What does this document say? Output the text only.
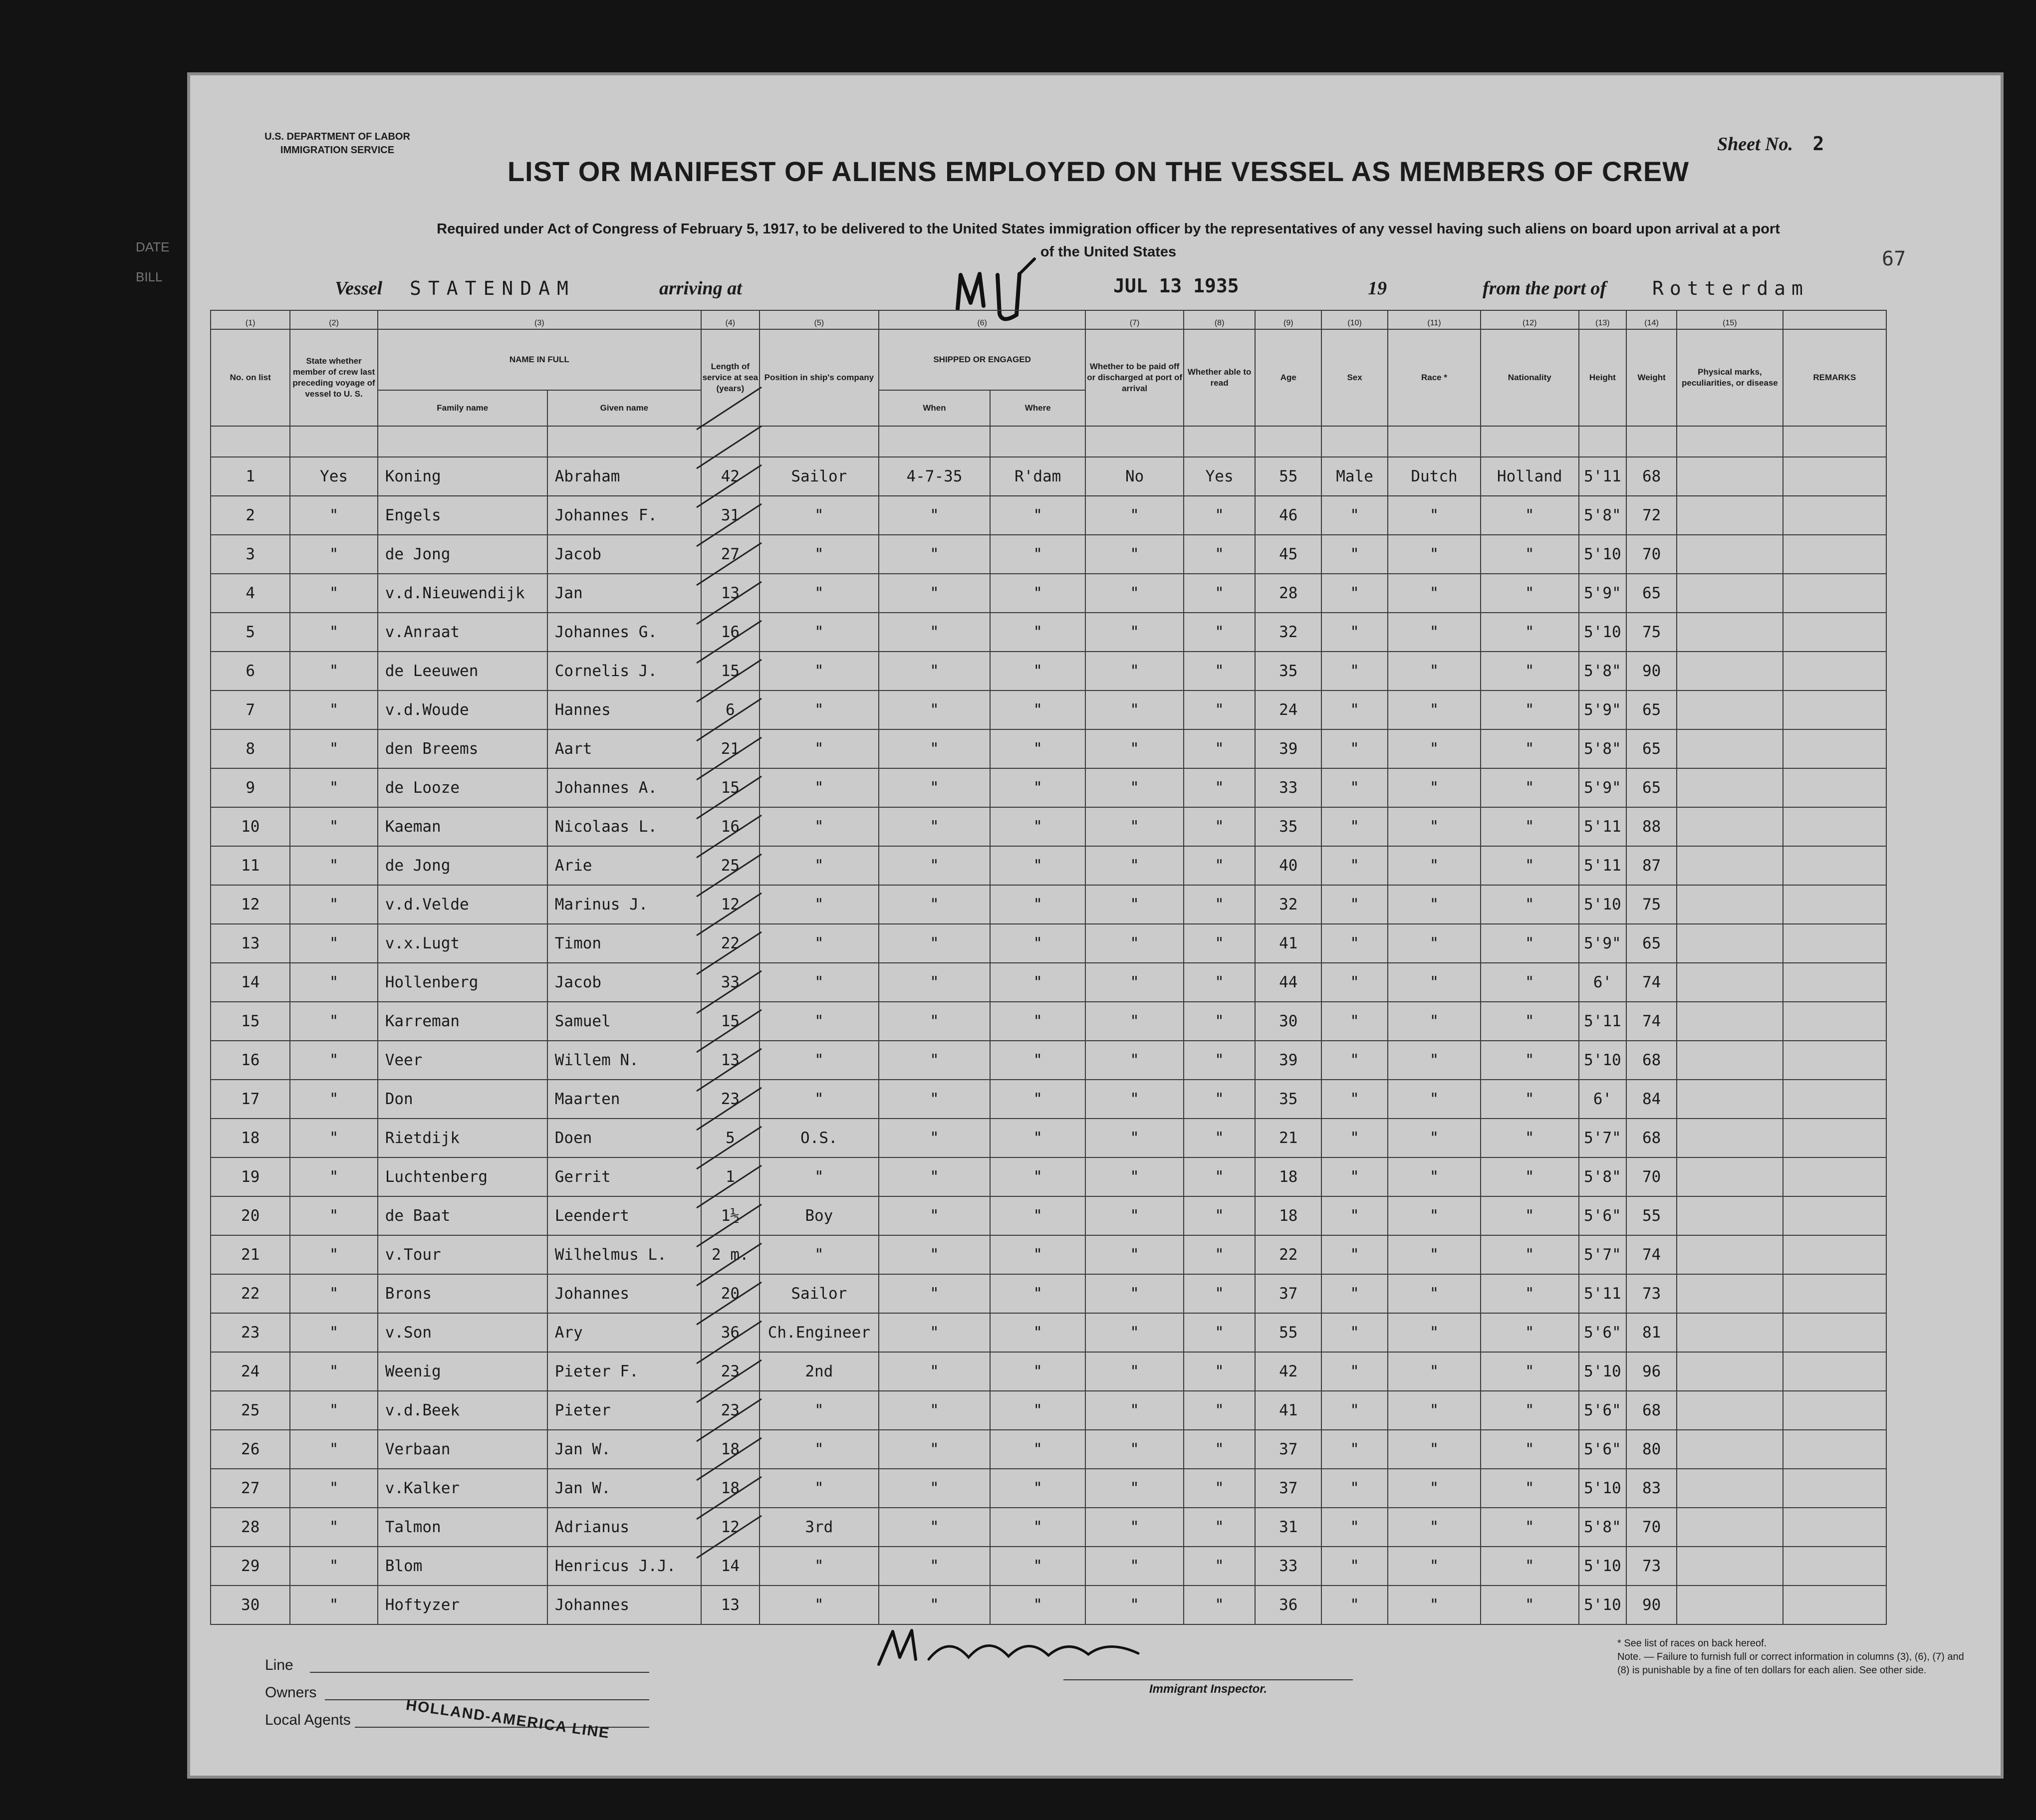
DATE
BILL
U.S. DEPARTMENT OF LABOR
IMMIGRATION SERVICE	Sheet No. 2
67
LIST OR MANIFEST OF ALIENS EMPLOYED ON THE VESSEL AS MEMBERS OF CREW
Required under Act of Congress of February 5, 1917, to be delivered to the United States immigration officer by the representatives of any vessel having such aliens on board upon arrival at a port
of the United States
Vessel STATENDAM	arriving at	JUL 13 1935	19	from the port of Rotterdam
(1)	(2)	(3)		(4)	(5)	(6)		(7)	(8)	(9)	(10)	(11)	(12)	(13)	(14)	(15)	
No. on list	State whether member of crew last preceding voyage of vessel to U. S.	NAME IN FULL		Length of service at sea (years)	Position in ship's company	SHIPPED OR ENGAGED		Whether to be paid off or discharged at port of arrival	Whether able to read	Age	Sex	Race *	Nationality	Height	Weight	Physical marks, peculiarities, or disease	REMARKS
		Family name	Given name			When	Where										

1	Yes	Koning	Abraham	42	Sailor	4-7-35	R'dam	No	Yes	55	Male	Dutch	Holland	5'11	68		
2	"	Engels	Johannes F.	31	"	"	"	"	"	46	"	"	"	5'8"	72		
3	"	de Jong	Jacob	27	"	"	"	"	"	45	"	"	"	5'10	70		
4	"	v.d.Nieuwendijk	Jan	13	"	"	"	"	"	28	"	"	"	5'9"	65		
5	"	v.Anraat	Johannes G.	16	"	"	"	"	"	32	"	"	"	5'10	75		
6	"	de Leeuwen	Cornelis J.	15	"	"	"	"	"	35	"	"	"	5'8"	90		
7	"	v.d.Woude	Hannes	6	"	"	"	"	"	24	"	"	"	5'9"	65		
8	"	den Breems	Aart	21	"	"	"	"	"	39	"	"	"	5'8"	65		
9	"	de Looze	Johannes A.	15	"	"	"	"	"	33	"	"	"	5'9"	65		
10	"	Kaeman	Nicolaas L.	16	"	"	"	"	"	35	"	"	"	5'11	88		
11	"	de Jong	Arie	25	"	"	"	"	"	40	"	"	"	5'11	87		
12	"	v.d.Velde	Marinus J.	12	"	"	"	"	"	32	"	"	"	5'10	75		
13	"	v.x.Lugt	Timon	22	"	"	"	"	"	41	"	"	"	5'9"	65		
14	"	Hollenberg	Jacob	33	"	"	"	"	"	44	"	"	"	6'	74		
15	"	Karreman	Samuel	15	"	"	"	"	"	30	"	"	"	5'11	74		
16	"	Veer	Willem N.	13	"	"	"	"	"	39	"	"	"	5'10	68		
17	"	Don	Maarten	23	"	"	"	"	"	35	"	"	"	6'	84		
18	"	Rietdijk	Doen	5	O.S.	"	"	"	"	21	"	"	"	5'7"	68		
19	"	Luchtenberg	Gerrit	1	"	"	"	"	"	18	"	"	"	5'8"	70		
20	"	de Baat	Leendert	1½	Boy	"	"	"	"	18	"	"	"	5'6"	55		
21	"	v.Tour	Wilhelmus L.	2 m.	"	"	"	"	"	22	"	"	"	5'7"	74		
22	"	Brons	Johannes	20	Sailor	"	"	"	"	37	"	"	"	5'11	73		
23	"	v.Son	Ary	36	Ch.Engineer	"	"	"	"	55	"	"	"	5'6"	81		
24	"	Weenig	Pieter F.	23	2nd	"	"	"	"	42	"	"	"	5'10	96		
25	"	v.d.Beek	Pieter	23	"	"	"	"	"	41	"	"	"	5'6"	68		
26	"	Verbaan	Jan W.	18	"	"	"	"	"	37	"	"	"	5'6"	80		
27	"	v.Kalker	Jan W.	18	"	"	"	"	"	37	"	"	"	5'10	83		
28	"	Talmon	Adrianus	12	3rd	"	"	"	"	31	"	"	"	5'8"	70		
29	"	Blom	Henricus J.J.	14	"	"	"	"	"	33	"	"	"	5'10	73		
30	"	Hoftyzer	Johannes	13	"	"	"	"	"	36	"	"	"	5'10	90		
Line
Owners
Local Agents	HOLLAND-AMERICA LINE
Immigrant Inspector.
* See list of races on back hereof.
Note. — Failure to furnish full or correct information in columns (3), (6), (7) and (8) is punishable by a fine of ten dollars for each alien. See other side.
